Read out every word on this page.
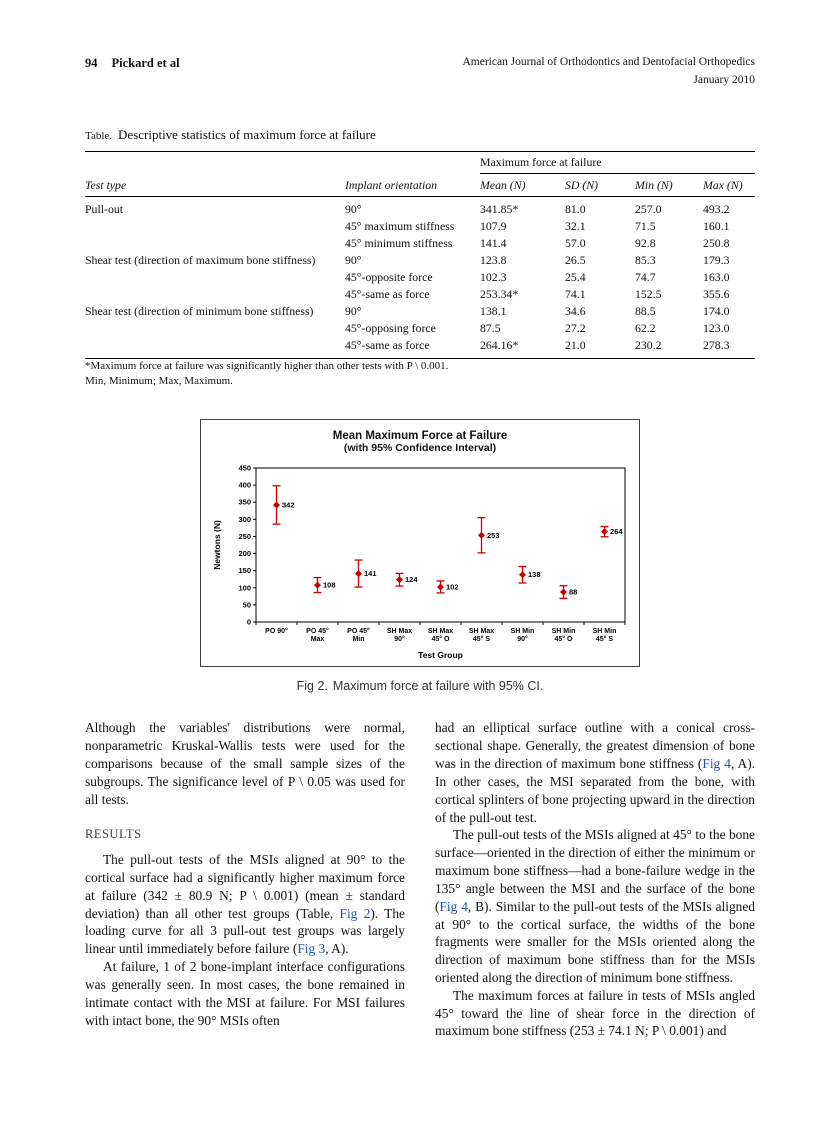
94 Pickard et al	American Journal of Orthodontics and Dentofacial Orthopedics
January 2010
Table. Descriptive statistics of maximum force at failure
		Maximum force at failure			
Test type	Implant orientation	Mean (N)	SD (N)	Min (N)	Max (N)
Pull-out	90°	341.85*	81.0	257.0	493.2
	45° maximum stiffness	107.9	32.1	71.5	160.1
	45° minimum stiffness	141.4	57.0	92.8	250.8
Shear test (direction of maximum bone stiffness)	90°	123.8	26.5	85.3	179.3
	45°-opposite force	102.3	25.4	74.7	163.0
	45°-same as force	253.34*	74.1	152.5	355.6
Shear test (direction of minimum bone stiffness)	90°	138.1	34.6	88.5	174.0
	45°-opposing force	87.5	27.2	62.2	123.0
	45°-same as force	264.16*	21.0	230.2	278.3
*Maximum force at failure was significantly higher than other tests with P \ 0.001.
Min, Minimum; Max, Maximum.
Mean Maximum Force at Failure
(with 95% Confidence Interval)
0
50
100
150
200
250
300
350
400
450
PO 90°
342
PO 45° Max
108
PO 45° Min
141
SH Max 90°
124
SH Max 45° O
102
SH Max 45° S
253
SH Min 90°
138
SH Min 45° O
88
SH Min 45° S
264
Newtons (N)
Test Group
Fig 2. Maximum force at failure with 95% CI.

Although the variables' distributions were normal, nonparametric Kruskal-Wallis tests were used for the comparisons because of the small sample sizes of the subgroups. The significance level of P \ 0.05 was used for all tests.

RESULTS

The pull-out tests of the MSIs aligned at 90° to the cortical surface had a significantly higher maximum force at failure (342 ± 80.9 N; P \ 0.001) (mean ± standard deviation) than all other test groups (Table, Fig 2). The loading curve for all 3 pull-out test groups was largely linear until immediately before failure (Fig 3, A).

At failure, 1 of 2 bone-implant interface configurations was generally seen. In most cases, the bone remained in intimate contact with the MSI at failure. For MSI failures with intact bone, the 90° MSIs often

had an elliptical surface outline with a conical cross-sectional shape. Generally, the greatest dimension of bone was in the direction of maximum bone stiffness (Fig 4, A). In other cases, the MSI separated from the bone, with cortical splinters of bone projecting upward in the direction of the pull-out test.

The pull-out tests of the MSIs aligned at 45° to the bone surface—oriented in the direction of either the minimum or maximum bone stiffness—had a bone-failure wedge in the 135° angle between the MSI and the surface of the bone (Fig 4, B). Similar to the pull-out tests of the MSIs aligned at 90° to the cortical surface, the widths of the bone fragments were smaller for the MSIs oriented along the direction of maximum bone stiffness than for the MSIs oriented along the direction of minimum bone stiffness.

The maximum forces at failure in tests of MSIs angled 45° toward the line of shear force in the direction of maximum bone stiffness (253 ± 74.1 N; P \ 0.001) and
